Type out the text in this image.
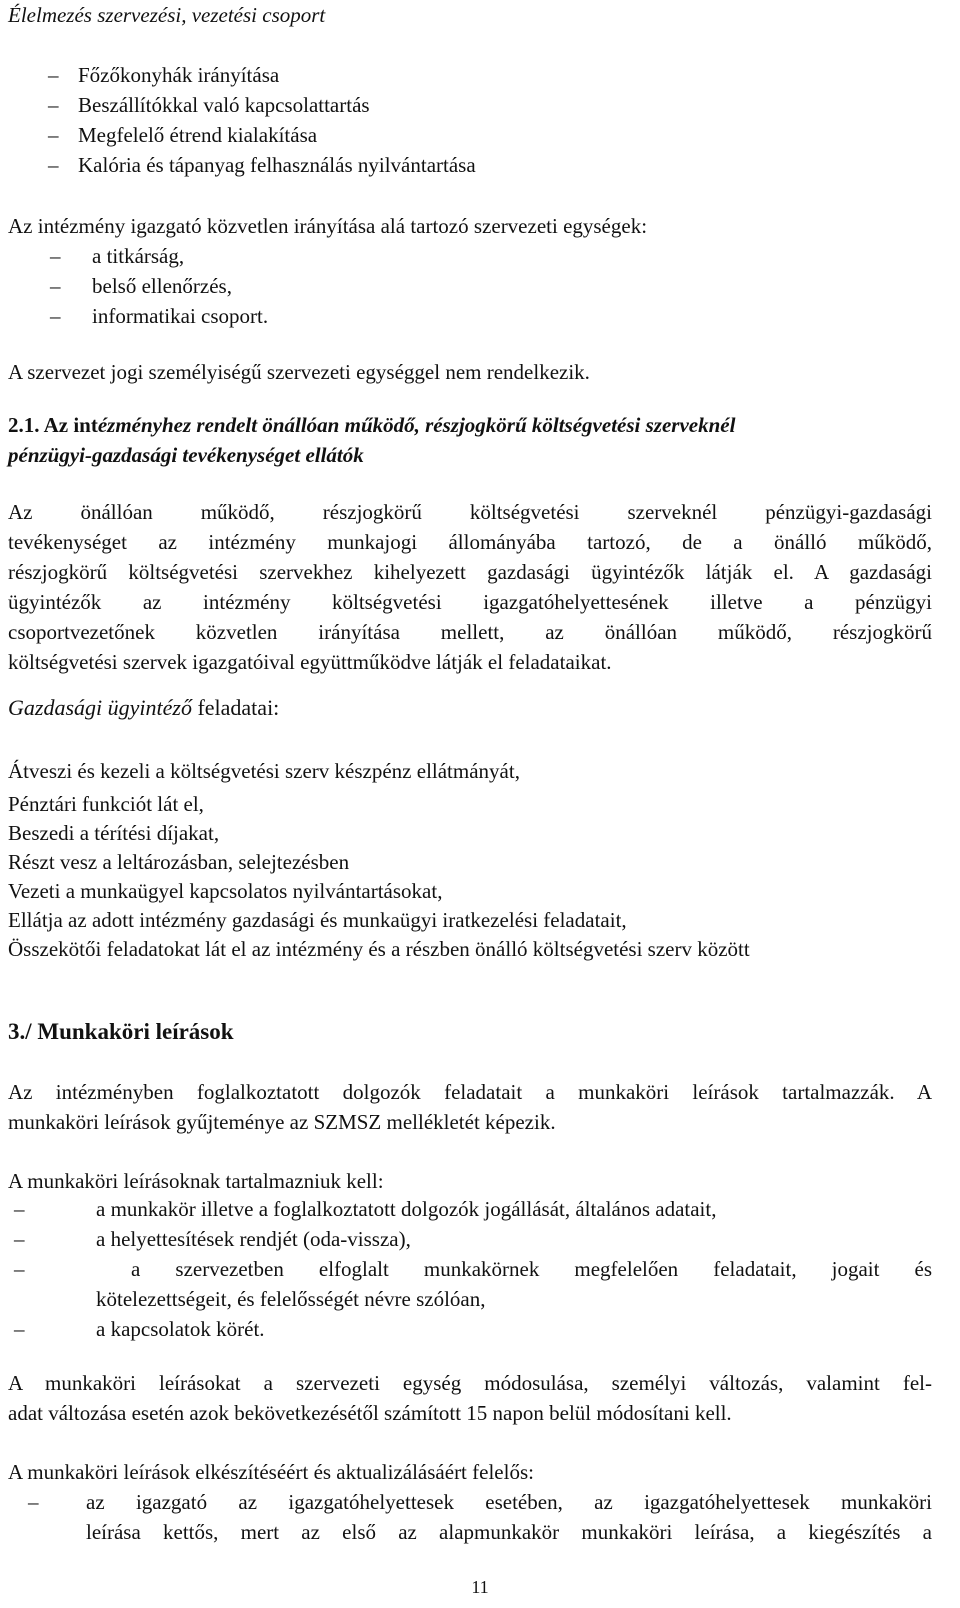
Élelmezés szervezési, vezetési csoport

– Főzőkonyhák irányítása
– Beszállítókkal való kapcsolattartás
– Megfelelő étrend kialakítása
– Kalória és tápanyag felhasználás nyilvántartása

Az intézmény igazgató közvetlen irányítása alá tartozó szervezeti egységek:

– a titkárság,
– belső ellenőrzés,
– informatikai csoport.

A szervezet jogi személyiségű szervezeti egységgel nem rendelkezik.

2.1. Az intézményhez rendelt önállóan működő, részjogkörű költségvetési szerveknél

pénzügyi-gazdasági tevékenységet ellátók

Az önállóan működő, részjogkörű költségvetési szerveknél pénzügyi-gazdasági
tevékenységet az intézmény munkajogi állományába tartozó, de a önálló működő,
részjogkörű költségvetési szervekhez kihelyezett gazdasági ügyintézők látják el. A gazdasági
ügyintézők az intézmény költségvetési igazgatóhelyettesének illetve a pénzügyi
csoportvezetőnek közvetlen irányítása mellett, az önállóan működő, részjogkörű
költségvetési szervek igazgatóival együttműködve látják el feladataikat.

Gazdasági ügyintéző feladatai:

Átveszi és kezeli a költségvetési szerv készpénz ellátmányát,
Pénztári funkciót lát el,
Beszedi a térítési díjakat,
Részt vesz a leltározásban, selejtezésben
Vezeti a munkaügyel kapcsolatos nyilvántartásokat,
Ellátja az adott intézmény gazdasági és munkaügyi iratkezelési feladatait,
Összekötői feladatokat lát el az intézmény és a részben önálló költségvetési szerv között

3./ Munkaköri leírások

Az intézményben foglalkoztatott dolgozók feladatait a munkaköri leírások tartalmazzák. A
munkaköri leírások gyűjteménye az SZMSZ mellékletét képezik.

A munkaköri leírásoknak tartalmazniuk kell:

–	a munkakör illetve a foglalkoztatott dolgozók jogállását, általános adatait,
–	a helyettesítések rendjét (oda-vissza),
–	a szervezetben elfoglalt munkakörnek megfelelően feladatait, jogait és
kötelezettségeit, és felelősségét névre szólóan,
–	a kapcsolatok körét.
A munkaköri leírásokat a szervezeti egység módosulása, személyi változás, valamint fel-
adat változása esetén azok bekövetkezésétől számított 15 napon belül módosítani kell.

A munkaköri leírások elkészítéséért és aktualizálásáért felelős:

– az igazgató az igazgatóhelyettesek esetében, az igazgatóhelyettesek munkaköri
leírása kettős, mert az első az alapmunkakör munkaköri leírása, a kiegészítés a
11
